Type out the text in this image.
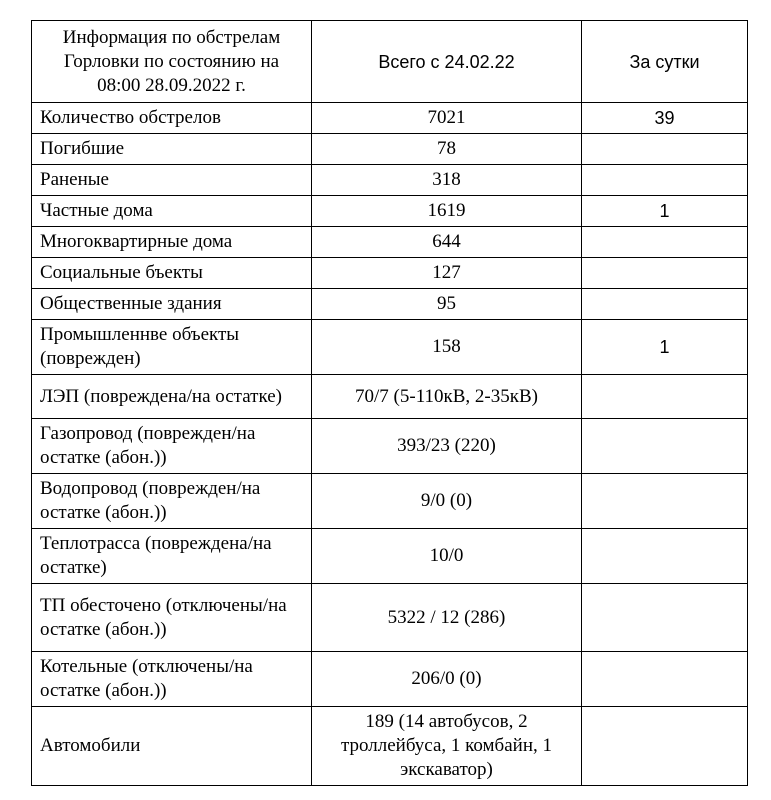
Информация по обстрелам Горловки по состоянию на 08:00 28.09.2022 г.	Всего с 24.02.22	За сутки
Количество обстрелов	7021	39
Погибшие	78	
Раненые	318	
Частные дома	1619	1
Многоквартирные дома	644	
Социальные бъекты	127	
Общественные здания	95	
Промышленнве объекты (поврежден)	158	1
ЛЭП (повреждена/на остатке)	70/7 (5-110кВ, 2-35кВ)	
Газопровод (поврежден/на остатке (абон.))	393/23 (220)	
Водопровод (поврежден/на остатке (абон.))	9/0 (0)	
Теплотрасса (повреждена/на остатке)	10/0	
ТП обесточено (отключены/на остатке (абон.))	5322 / 12 (286)	
Котельные (отключены/на остатке (абон.))	206/0 (0)	
Автомобили	189 (14 автобусов, 2 троллейбуса, 1 комбайн, 1 экскаватор)	
